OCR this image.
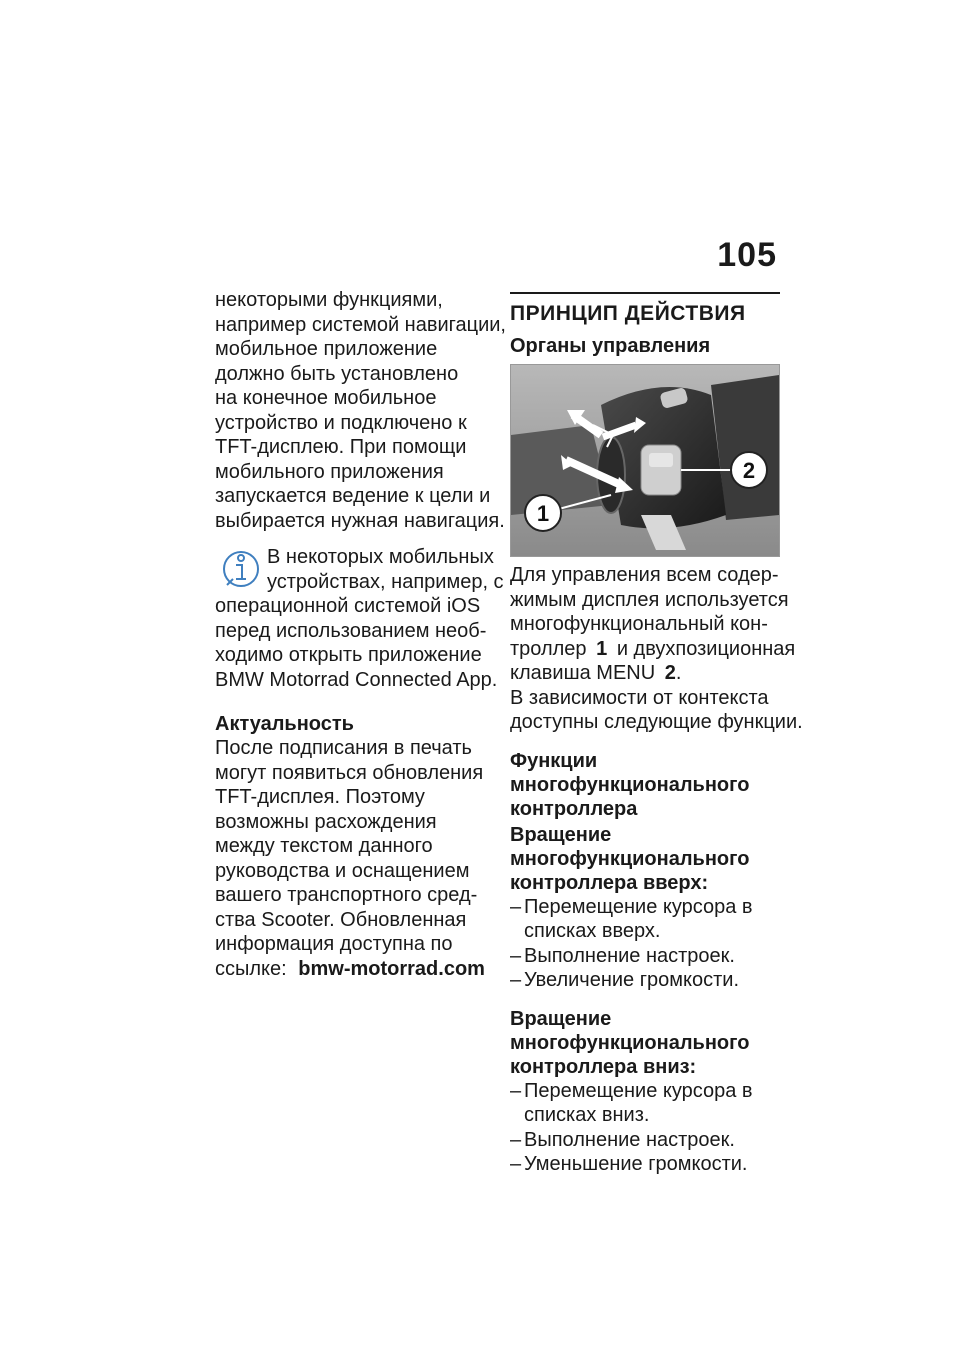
105
некоторыми функциями,
например системой навигации,
мобильное приложение
должно быть установлено
на конечное мобильное
устройство и подключено к
TFT-дисплею. При помощи
мобильного приложения
запускается ведение к цели и
выбирается нужная навигация.
В некоторых мобильных
устройствах, например, с
операционной системой iOS
перед использованием необ-
ходимо открыть приложение
BMW Motorrad Connected App.
Актуальность
После подписания в печать
могут появиться обновления
TFT-дисплея. Поэтому
возможны расхождения
между текстом данного
руководства и оснащением
вашего транспортного сред-
ства Scooter. Обновленная
информация доступна по
ссылке: bmw-motorrad.com
ПРИНЦИП ДЕЙСТВИЯ
Органы управления
1
2
Для управления всем содер-
жимым дисплея используется
многофункциональный кон-
троллер 1 и двухпозиционная
клавиша MENU 2.
В зависимости от контекста
доступны следующие функции.
Функции
многофункционального
контроллера
Вращение
многофункционального
контроллера вверх:
– Перемещение курсора в
списках вверх.
– Выполнение настроек.
– Увеличение громкости.
Вращение
многофункционального
контроллера вниз:
– Перемещение курсора в
списках вниз.
– Выполнение настроек.
– Уменьшение громкости.
